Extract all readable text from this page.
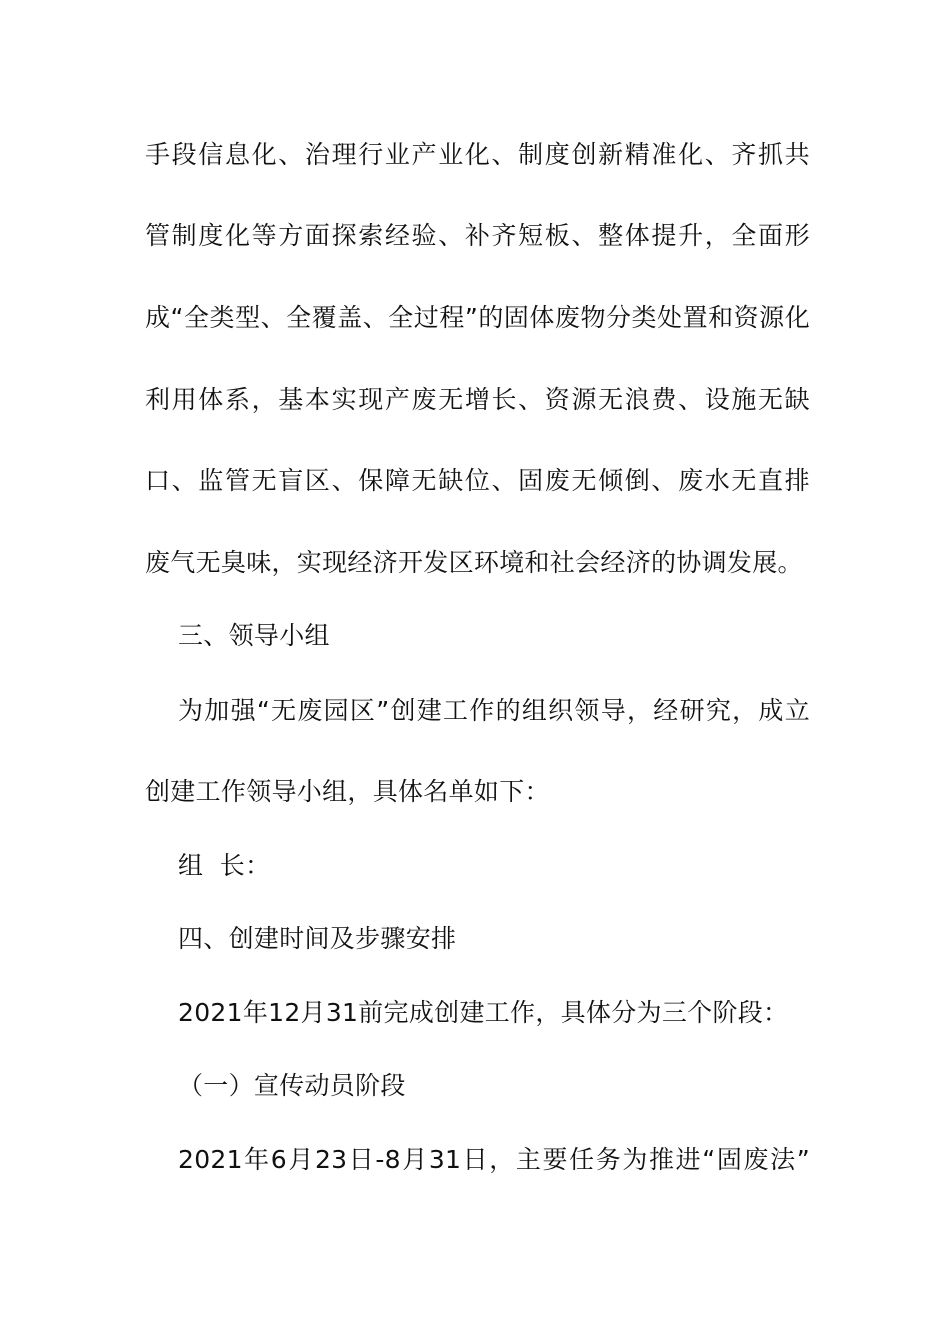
手段信息化、治理行业产业化、制度创新精准化、齐抓共
管制度化等方面探索经验、补齐短板、整体提升，全面形
成“全类型、全覆盖、全过程”的固体废物分类处置和资源化
利用体系，基本实现产废无增长、资源无浪费、设施无缺
口、监管无盲区、保障无缺位、固废无倾倒、废水无直排
废气无臭味，实现经济开发区环境和社会经济的协调发展。
三、领导小组
为加强“无废园区”创建工作的组织领导，经研究，成立
创建工作领导小组，具体名单如下：
组  长：
四、创建时间及步骤安排
2021年12月31前完成创建工作，具体分为三个阶段：
（一）宣传动员阶段
2021年6月23日-8月31日，主要任务为推进“固废法”
